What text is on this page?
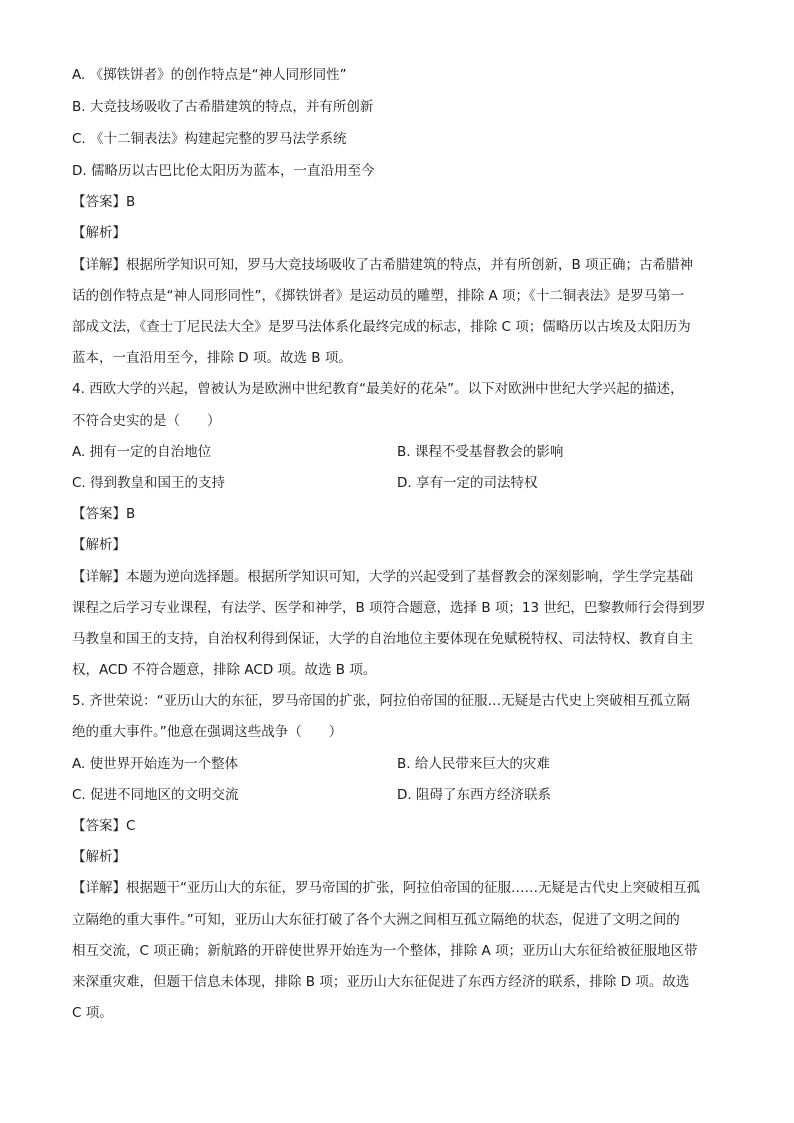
A. 《掷铁饼者》的创作特点是“神人同形同性”
B. 大竞技场吸收了古希腊建筑的特点，并有所创新
C. 《十二铜表法》构建起完整的罗马法学系统
D. 儒略历以古巴比伦太阳历为蓝本，一直沿用至今
【答案】B
【解析】
【详解】根据所学知识可知，罗马大竞技场吸收了古希腊建筑的特点，并有所创新，B 项正确；古希腊神
话的创作特点是“神人同形同性”，《掷铁饼者》是运动员的雕塑，排除 A 项；《十二铜表法》是罗马第一
部成文法，《查士丁尼民法大全》是罗马法体系化最终完成的标志，排除 C 项；儒略历以古埃及太阳历为
蓝本，一直沿用至今，排除 D 项。故选 B 项。
4. 西欧大学的兴起，曾被认为是欧洲中世纪教育“最美好的花朵”。以下对欧洲中世纪大学兴起的描述，
不符合史实的是（　　）
A. 拥有一定的自治地位	B. 课程不受基督教会的影响
C. 得到教皇和国王的支持	D. 享有一定的司法特权
【答案】B
【解析】
【详解】本题为逆向选择题。根据所学知识可知，大学的兴起受到了基督教会的深刻影响，学生学完基础
课程之后学习专业课程，有法学、医学和神学，B 项符合题意，选择 B 项；13 世纪，巴黎教师行会得到罗
马教皇和国王的支持，自治权利得到保证，大学的自治地位主要体现在免赋税特权、司法特权、教育自主
权，ACD 不符合题意，排除 ACD 项。故选 B 项。
5. 齐世荣说：“亚历山大的东征，罗马帝国的扩张，阿拉伯帝国的征服…无疑是古代史上突破相互孤立隔
绝的重大事件。”他意在强调这些战争（　　）
A. 使世界开始连为一个整体	B. 给人民带来巨大的灾难
C. 促进不同地区的文明交流	D. 阻碍了东西方经济联系
【答案】C
【解析】
【详解】根据题干“亚历山大的东征，罗马帝国的扩张，阿拉伯帝国的征服……无疑是古代史上突破相互孤
立隔绝的重大事件。”可知，亚历山大东征打破了各个大洲之间相互孤立隔绝的状态，促进了文明之间的
相互交流，C 项正确；新航路的开辟使世界开始连为一个整体，排除 A 项；亚历山大东征给被征服地区带
来深重灾难，但题干信息未体现，排除 B 项；亚历山大东征促进了东西方经济的联系，排除 D 项。故选
C 项。
